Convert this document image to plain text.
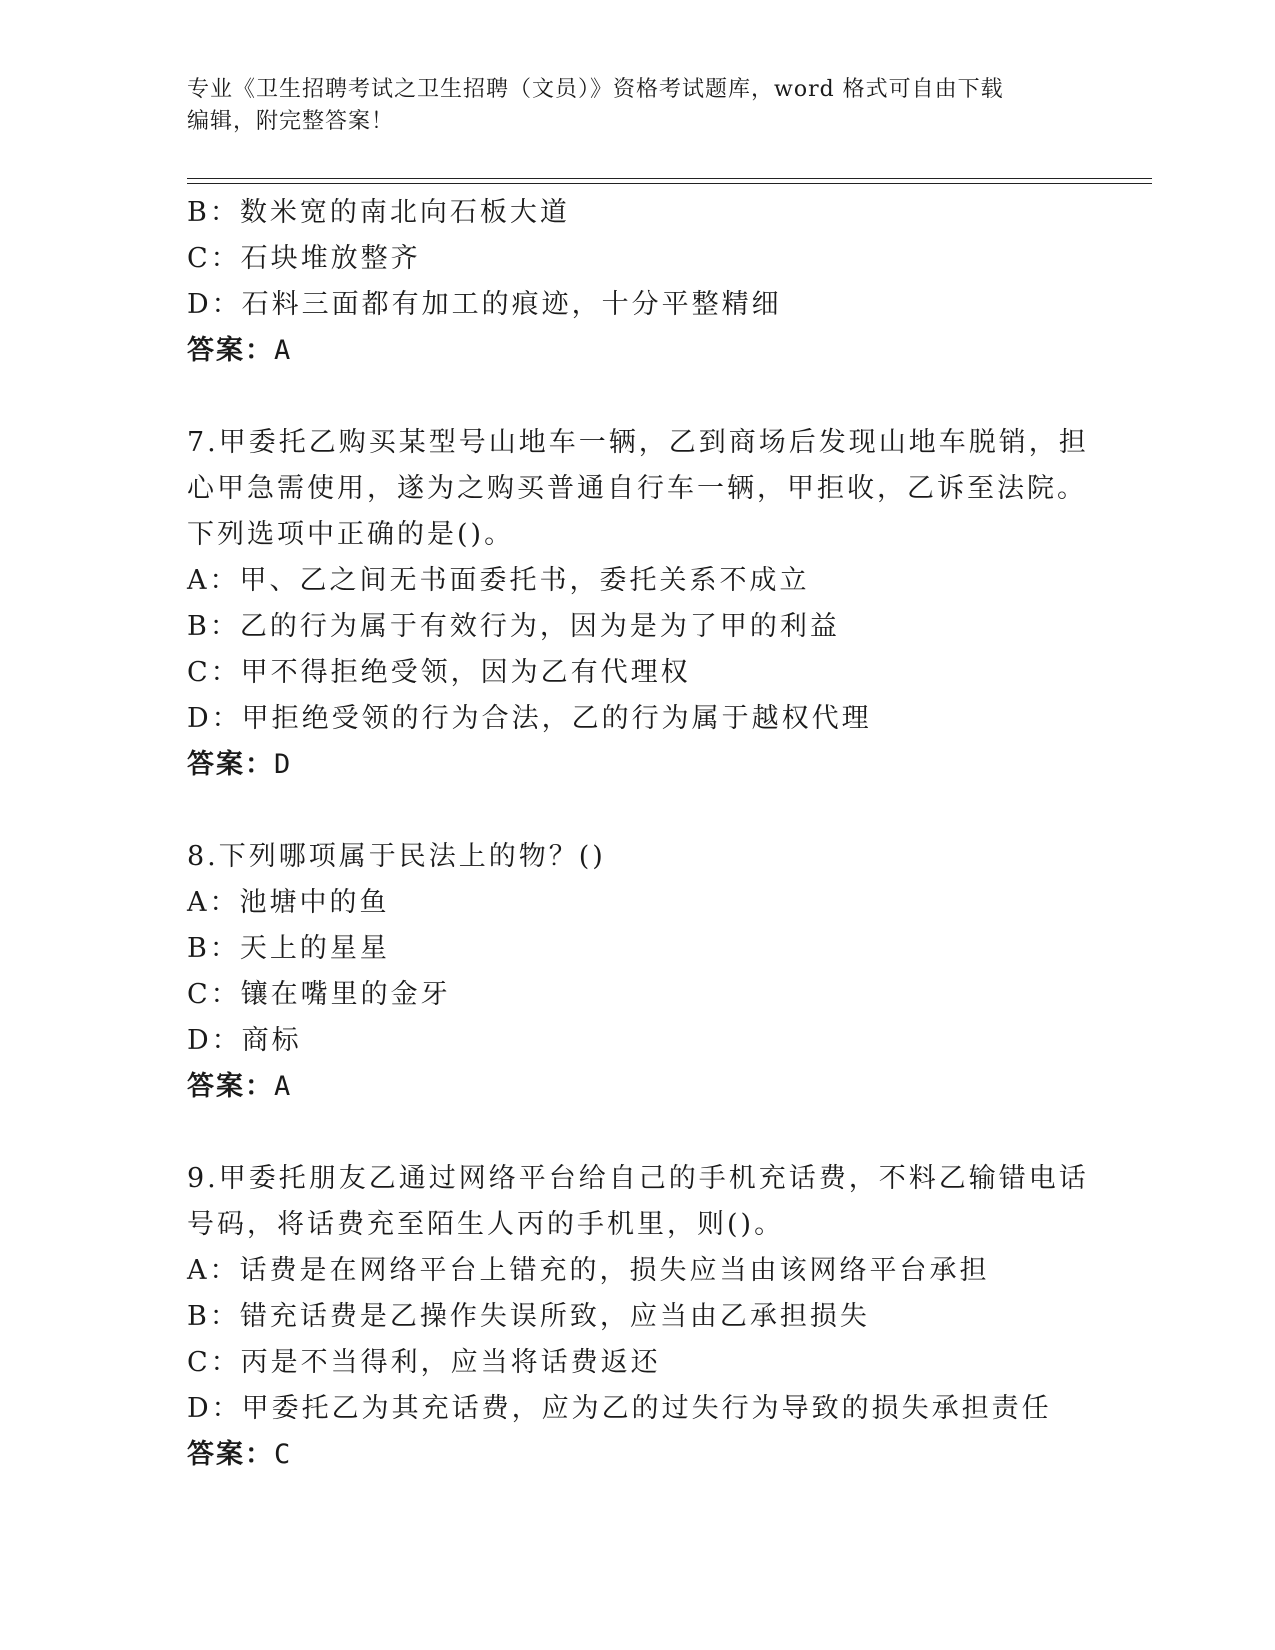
专业《卫生招聘考试之卫生招聘（文员）》资格考试题库，word 格式可自由下载
编辑，附完整答案！
B：数米宽的南北向石板大道
C：石块堆放整齐
D：石料三面都有加工的痕迹，十分平整精细
答案：A
7.甲委托乙购买某型号山地车一辆，乙到商场后发现山地车脱销，担
心甲急需使用，遂为之购买普通自行车一辆，甲拒收，乙诉至法院。
下列选项中正确的是()。
A：甲、乙之间无书面委托书，委托关系不成立
B：乙的行为属于有效行为，因为是为了甲的利益
C：甲不得拒绝受领，因为乙有代理权
D：甲拒绝受领的行为合法，乙的行为属于越权代理
答案：D
8.下列哪项属于民法上的物？()
A：池塘中的鱼
B：天上的星星
C：镶在嘴里的金牙
D：商标
答案：A
9.甲委托朋友乙通过网络平台给自己的手机充话费，不料乙输错电话
号码，将话费充至陌生人丙的手机里，则()。
A：话费是在网络平台上错充的，损失应当由该网络平台承担
B：错充话费是乙操作失误所致，应当由乙承担损失
C：丙是不当得利，应当将话费返还
D：甲委托乙为其充话费，应为乙的过失行为导致的损失承担责任
答案：C
